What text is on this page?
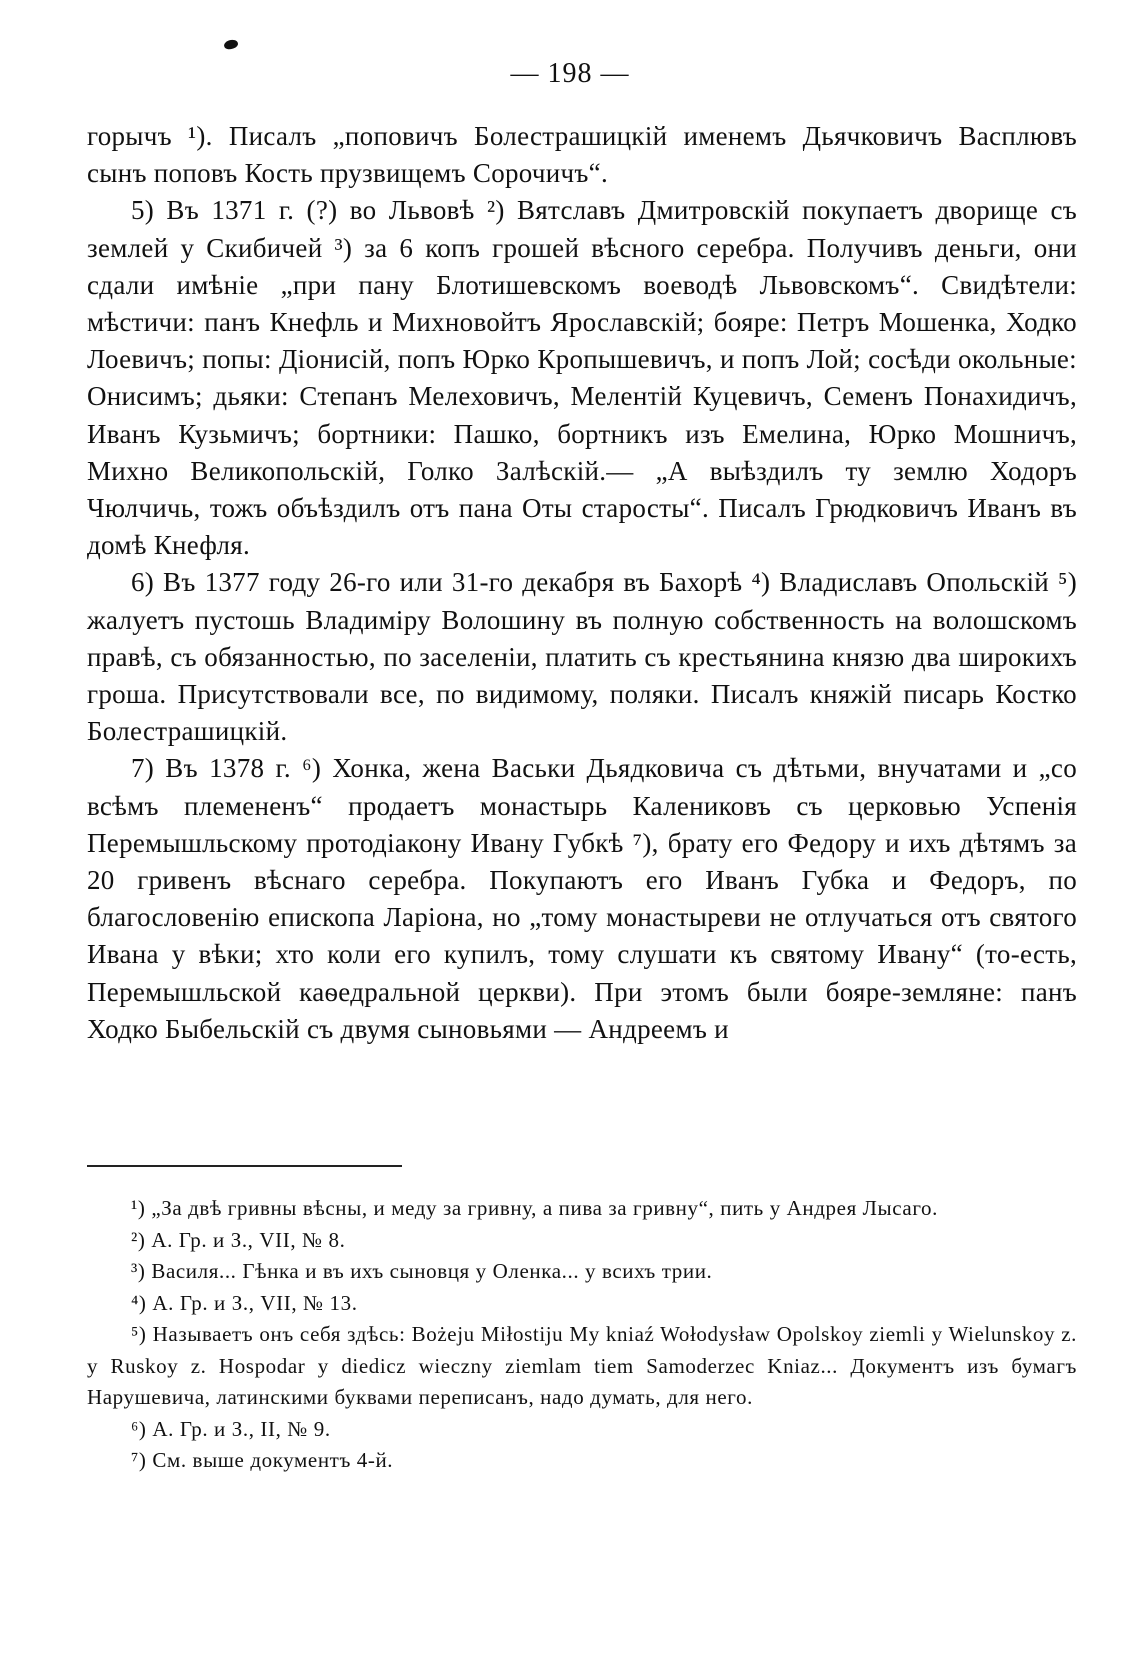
— 198 —

горычъ ¹). Писалъ „поповичъ Болестрашицкій именемъ Дьячковичъ Васплювъ сынъ поповъ Кость прузвищемъ Сорочичъ“.

5) Въ 1371 г. (?) во Львовѣ ²) Вятславъ Дмитровскій покупаетъ дворище съ землей у Скибичей ³) за 6 копъ грошей вѣсного серебра. Получивъ деньги, они сдали имѣніе „при пану Блотишевскомъ воеводѣ Львовскомъ“. Свидѣтели: мѣстичи: панъ Кнефль и Михновойтъ Ярославскій; бояре: Петръ Мошенка, Ходко Лоевичъ; попы: Діонисій, попъ Юрко Кропышевичъ, и попъ Лой; сосѣди окольные: Онисимъ; дьяки: Степанъ Мелеховичъ, Мелентій Куцевичъ, Семенъ Понахидичъ, Иванъ Кузьмичъ; бортники: Пашко, бортникъ изъ Емелина, Юрко Мошничъ, Михно Великопольскій, Голко Залѣскій.— „А выѣздилъ ту землю Ходоръ Чюлчичь, тожъ объѣздилъ отъ пана Оты старосты“. Писалъ Грюдковичъ Иванъ въ домѣ Кнефля.

6) Въ 1377 году 26-го или 31-го декабря въ Бахорѣ ⁴) Владиславъ Опольскій ⁵) жалуетъ пустошь Владиміру Волошину въ полную собственность на волошскомъ правѣ, съ обязанностью, по заселеніи, платить съ крестьянина князю два широкихъ гроша. Присутствовали все, по видимому, поляки. Писалъ княжій писарь Костко Болестрашицкій.

7) Въ 1378 г. ⁶) Хонка, жена Васьки Дьядковича съ дѣтьми, внучатами и „со всѣмъ племененъ“ продаетъ монастырь Калениковъ съ церковью Успенія Перемышльскому протодіакону Ивану Губкѣ ⁷), брату его Федору и ихъ дѣтямъ за 20 гривенъ вѣснаго серебра. Покупаютъ его Иванъ Губка и Федоръ, по благословенію епископа Ларіона, но „тому монастыреви не отлучаться отъ святого Ивана у вѣки; хто коли его купилъ, тому слушати къ святому Ивану“ (то-есть, Перемышльской каѳедральной церкви). При этомъ были бояре-земляне: панъ Ходко Быбельскій съ двумя сыновьями — Андреемъ и

¹) „За двѣ гривны вѣсны, и меду за гривну, а пива за гривну“, пить у Андрея Лысаго.

²) А. Гр. и З., VII, № 8.

³) Василя... Гѣнка и въ ихъ сыновця у Оленка... у всихъ трии.

⁴) А. Гр. и З., VII, № 13.

⁵) Называетъ онъ себя здѣсь: Bożeju Miłostiju My kniaź Wołodysław Opolskoy ziemli y Wielunskoy z. y Ruskoy z. Hospodar y diedicz wieczny ziemlam tiem Samoderzec Kniaz... Документъ изъ бумагъ Нарушевича, латинскими буквами переписанъ, надо думать, для него.

⁶) А. Гр. и З., II, № 9.

⁷) См. выше документъ 4-й.
